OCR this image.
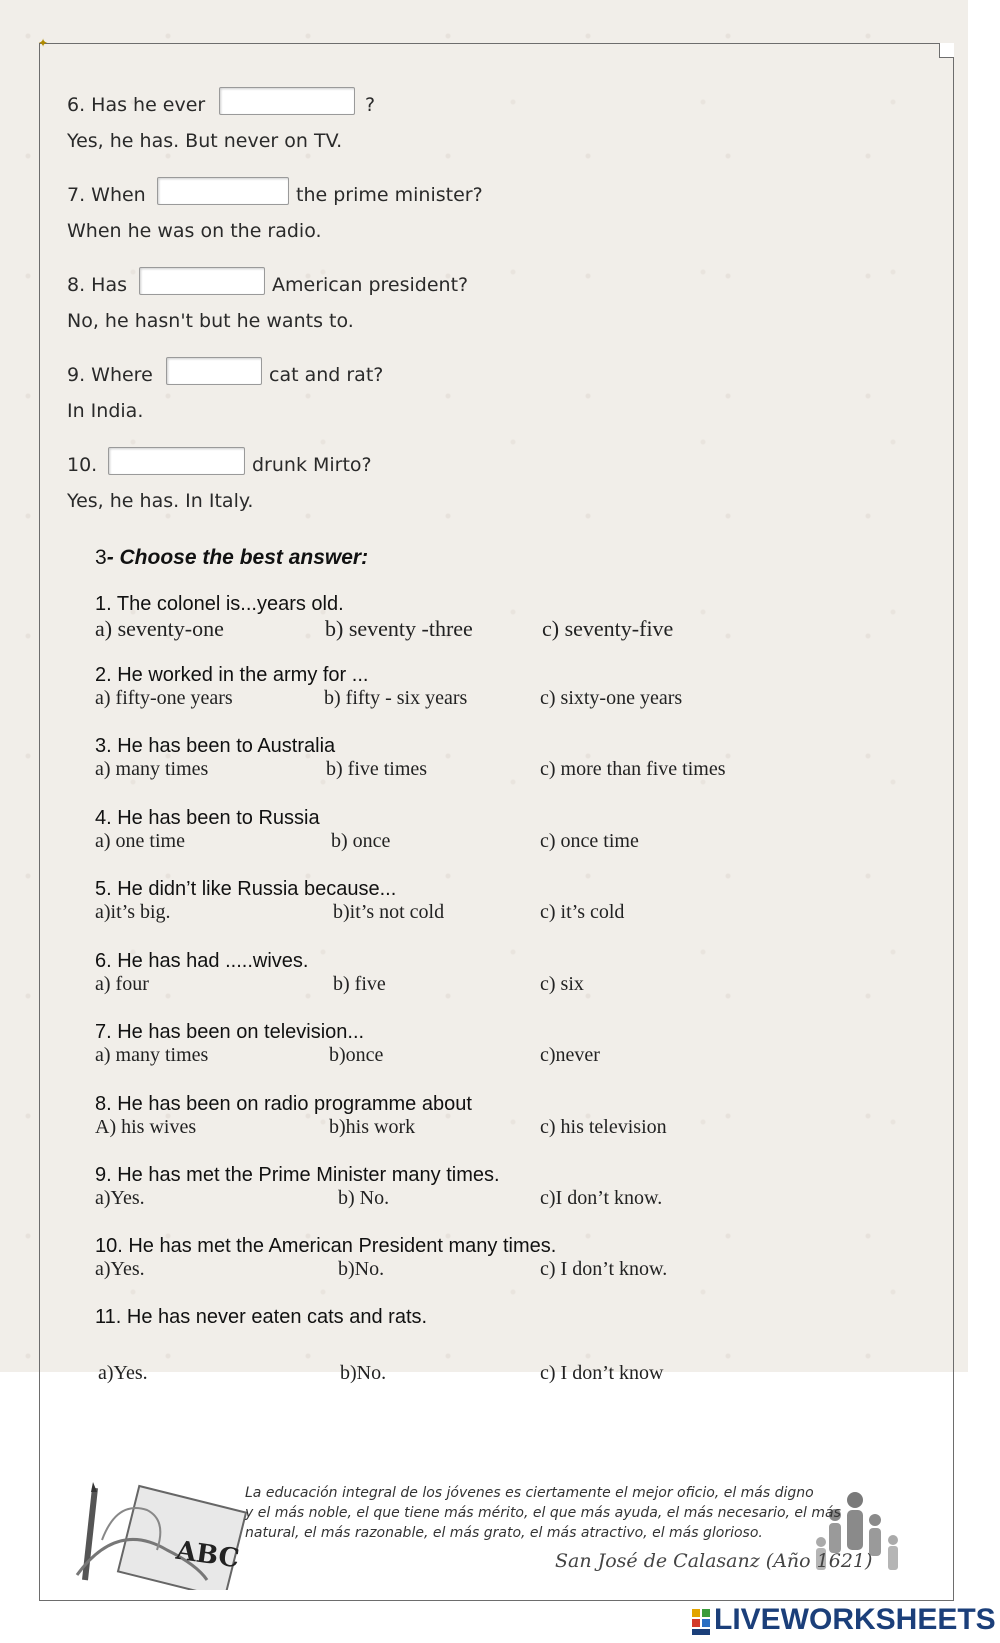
✦
6. Has he ever	?
Yes, he has. But never on TV.
7. When	the prime minister?
When he was on the radio.
8. Has	American president?
No, he hasn't but he wants to.
9. Where	cat and rat?
In India.
10.	drunk Mirto?
Yes, he has. In Italy.
3- Choose the best answer:
1. The colonel is...years old.
a) seventy-one	b) seventy -three	c) seventy-five
2. He worked in the army for ...
a) fifty-one years	b) fifty - six years	c) sixty-one years
3. He has been to Australia
a) many times	b) five times	c) more than five times
4. He has been to Russia
a) one time	b) once	c) once time
5. He didn’t like Russia because...
a)it’s big.	b)it’s not cold	c) it’s cold
6. He has had .....wives.
a) four	b) five	c) six
7. He has been on television...
a) many times	b)once	c)never
8. He has been on radio programme about
A) his wives	b)his work	c) his television
9. He has met the Prime Minister many times.
a)Yes.	b) No.	c)I don’t know.
10. He has met the American President many times.
a)Yes.	b)No.	c) I don’t know.
11. He has never eaten cats and rats.
a)Yes.	b)No.	c) I don’t know
ABC
La educación integral de los jóvenes es ciertamente el mejor oficio, el más digno
y el más noble, el que tiene más mérito, el que más ayuda, el más necesario, el más
natural, el más razonable, el más grato, el más atractivo, el más glorioso.
San José de Calasanz (Año 1621)
LIVEWORKSHEETS
